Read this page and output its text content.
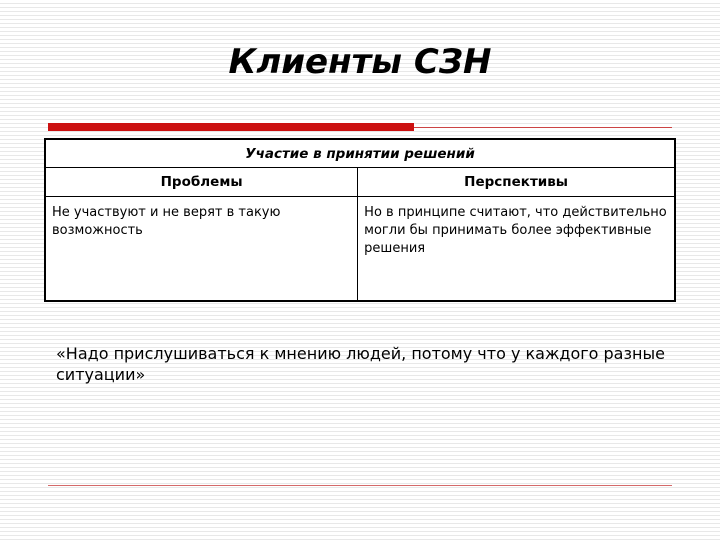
Клиенты СЗН
Участие в принятии решений	
Проблемы	Перспективы
Не участвуют и не верят в такую возможность	Но в принципе считают, что действительно могли бы принимать более эффективные решения

«Надо прислушиваться к мнению людей, потому что у каждого разные ситуации»
